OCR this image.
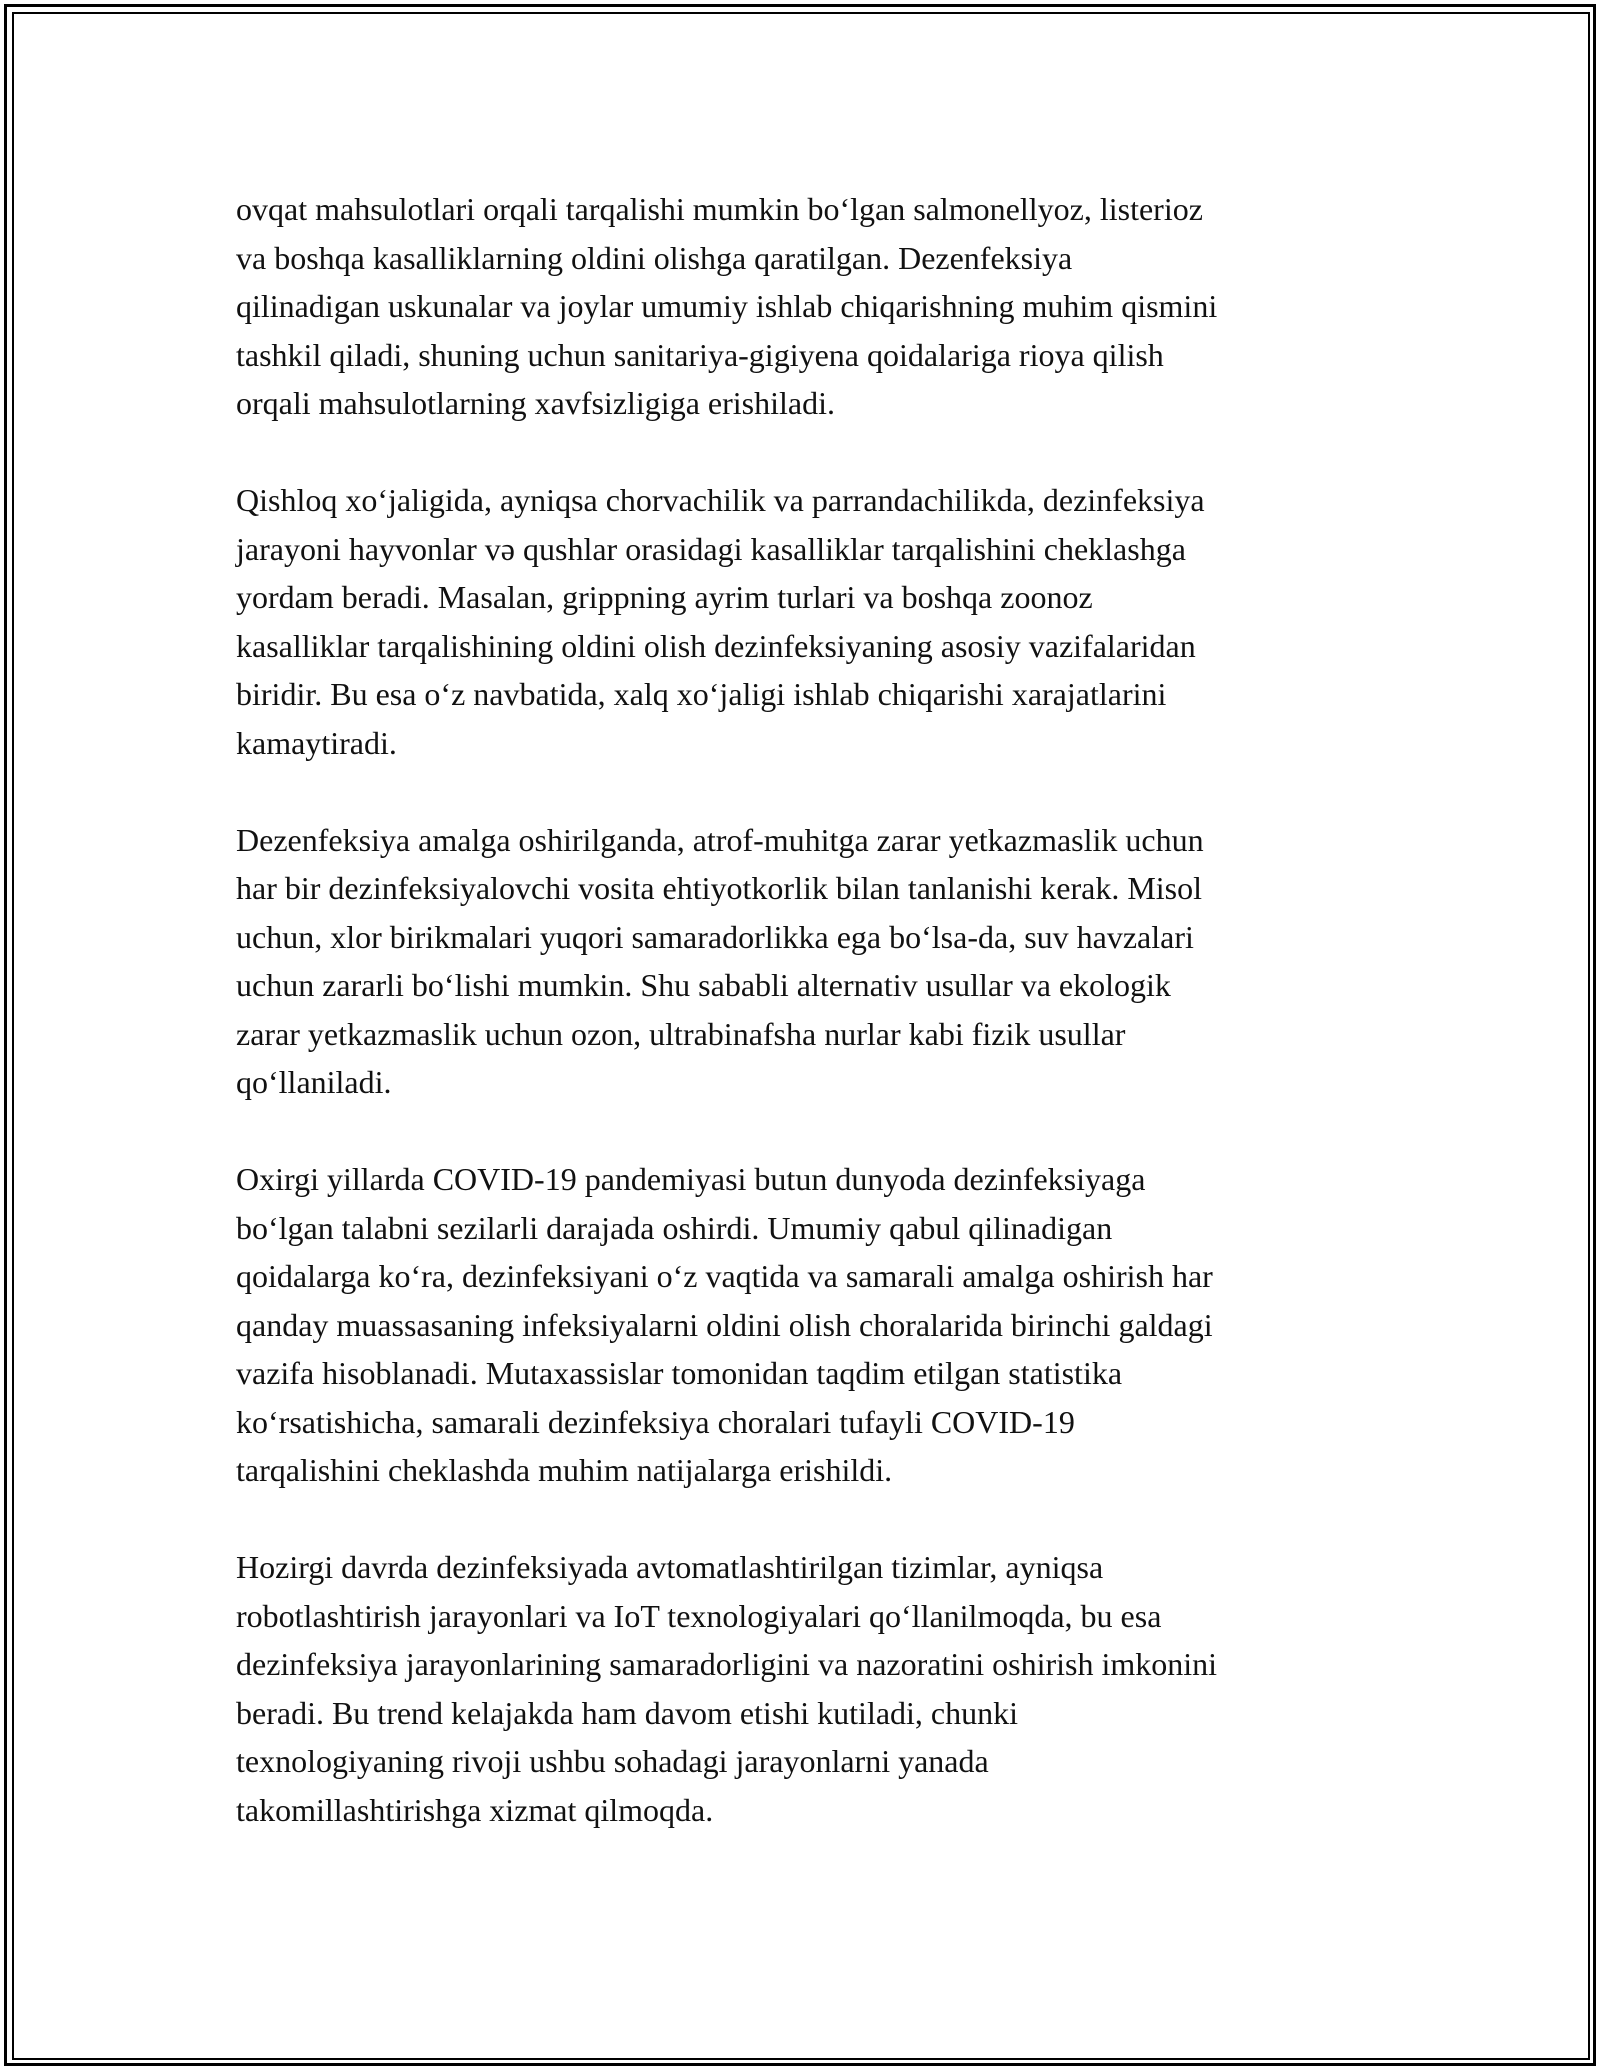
ovqat mahsulotlari orqali tarqalishi mumkin boʻlgan salmonellyoz, listerioz
va boshqa kasalliklarning oldini olishga qaratilgan. Dezenfeksiya
qilinadigan uskunalar va joylar umumiy ishlab chiqarishning muhim qismini
tashkil qiladi, shuning uchun sanitariya-gigiyena qoidalariga rioya qilish
orqali mahsulotlarning xavfsizligiga erishiladi.

Qishloq xoʻjaligida, ayniqsa chorvachilik va parrandachilikda, dezinfeksiya
jarayoni hayvonlar və qushlar orasidagi kasalliklar tarqalishini cheklashga
yordam beradi. Masalan, grippning ayrim turlari va boshqa zoonoz
kasalliklar tarqalishining oldini olish dezinfeksiyaning asosiy vazifalaridan
biridir. Bu esa oʻz navbatida, xalq xoʻjaligi ishlab chiqarishi xarajatlarini
kamaytiradi.

Dezenfeksiya amalga oshirilganda, atrof-muhitga zarar yetkazmaslik uchun
har bir dezinfeksiyalovchi vosita ehtiyotkorlik bilan tanlanishi kerak. Misol
uchun, xlor birikmalari yuqori samaradorlikka ega boʻlsa-da, suv havzalari
uchun zararli boʻlishi mumkin. Shu sababli alternativ usullar va ekologik
zarar yetkazmaslik uchun ozon, ultrabinafsha nurlar kabi fizik usullar
qoʻllaniladi.

Oxirgi yillarda COVID-19 pandemiyasi butun dunyoda dezinfeksiyaga
boʻlgan talabni sezilarli darajada oshirdi. Umumiy qabul qilinadigan
qoidalarga koʻra, dezinfeksiyani oʻz vaqtida va samarali amalga oshirish har
qanday muassasaning infeksiyalarni oldini olish choralarida birinchi galdagi
vazifa hisoblanadi. Mutaxassislar tomonidan taqdim etilgan statistika
koʻrsatishicha, samarali dezinfeksiya choralari tufayli COVID-19
tarqalishini cheklashda muhim natijalarga erishildi.

Hozirgi davrda dezinfeksiyada avtomatlashtirilgan tizimlar, ayniqsa
robotlashtirish jarayonlari va IoT texnologiyalari qoʻllanilmoqda, bu esa
dezinfeksiya jarayonlarining samaradorligini va nazoratini oshirish imkonini
beradi. Bu trend kelajakda ham davom etishi kutiladi, chunki
texnologiyaning rivoji ushbu sohadagi jarayonlarni yanada
takomillashtirishga xizmat qilmoqda.
